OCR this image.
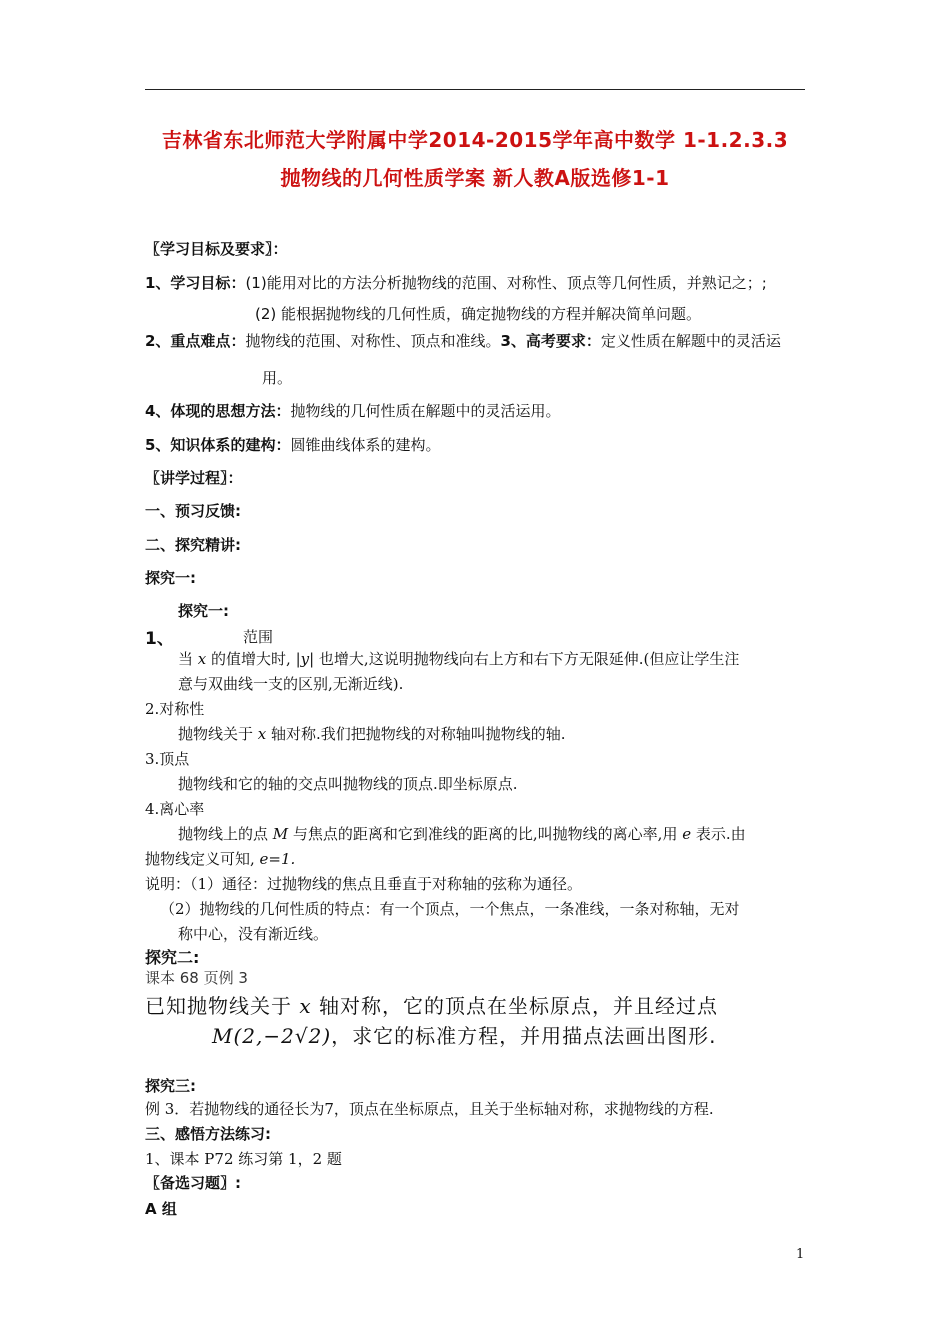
吉林省东北师范大学附属中学2014-2015学年高中数学 1-1.2.3.3
抛物线的几何性质学案 新人教A版选修1-1
〖学习目标及要求〗：
1、学习目标：(1)能用对比的方法分析抛物线的范围、对称性、顶点等几何性质，并熟记之；;
(2) 能根据抛物线的几何性质，确定抛物线的方程并解决简单问题。
2、重点难点：抛物线的范围、对称性、顶点和准线。3、高考要求：定义性质在解题中的灵活运
用。
4、体现的思想方法：抛物线的几何性质在解题中的灵活运用。
5、知识体系的建构：圆锥曲线体系的建构。
〖讲学过程〗：
一、预习反馈:
二、探究精讲:
探究一:
探究一:
1、	范围
当 x 的值增大时, |y| 也增大,这说明抛物线向右上方和右下方无限延伸.(但应让学生注
意与双曲线一支的区别,无渐近线).
2.对称性
抛物线关于 x 轴对称.我们把抛物线的对称轴叫抛物线的轴.
3.顶点
抛物线和它的轴的交点叫抛物线的顶点.即坐标原点.
4.离心率
抛物线上的点 M 与焦点的距离和它到准线的距离的比,叫抛物线的离心率,用 e 表示.由
抛物线定义可知, e=1.
说明：（1）通径：过抛物线的焦点且垂直于对称轴的弦称为通径。
（2）抛物线的几何性质的特点：有一个顶点，一个焦点，一条准线，一条对称轴，无对
称中心，没有渐近线。
探究二:
课本 68 页例 3
已知抛物线关于 x 轴对称，它的顶点在坐标原点，并且经过点
M(2,−2√2)，求它的标准方程，并用描点法画出图形.
探究三:
例 3．若抛物线的通径长为7，顶点在坐标原点，且关于坐标轴对称，求抛物线的方程.
三、感悟方法练习:
1、课本 P72 练习第 1，2 题
〖备选习题〗:
A 组
1
